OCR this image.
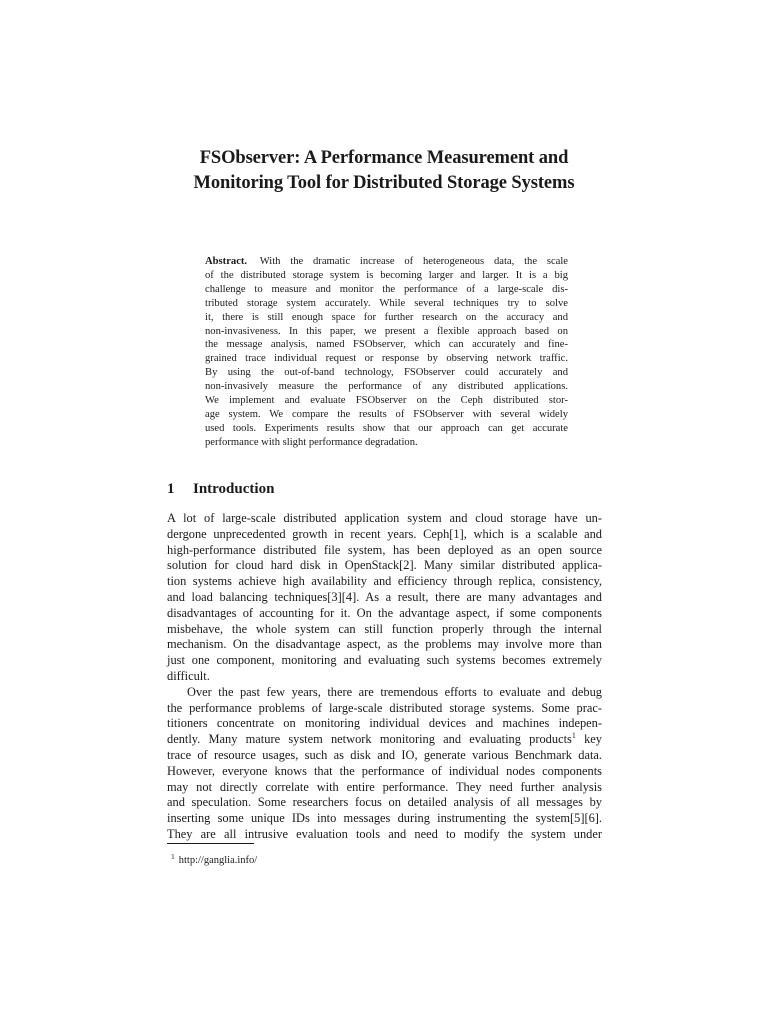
FSObserver: A Performance Measurement and
Monitoring Tool for Distributed Storage Systems
Abstract. With the dramatic increase of heterogeneous data, the scale
of the distributed storage system is becoming larger and larger. It is a big
challenge to measure and monitor the performance of a large-scale dis-
tributed storage system accurately. While several techniques try to solve
it, there is still enough space for further research on the accuracy and
non-invasiveness. In this paper, we present a flexible approach based on
the message analysis, named FSObserver, which can accurately and fine-
grained trace individual request or response by observing network traffic.
By using the out-of-band technology, FSObserver could accurately and
non-invasively measure the performance of any distributed applications.
We implement and evaluate FSObserver on the Ceph distributed stor-
age system. We compare the results of FSObserver with several widely
used tools. Experiments results show that our approach can get accurate
performance with slight performance degradation.
1 Introduction
A lot of large-scale distributed application system and cloud storage have un-
dergone unprecedented growth in recent years. Ceph[1], which is a scalable and
high-performance distributed file system, has been deployed as an open source
solution for cloud hard disk in OpenStack[2]. Many similar distributed applica-
tion systems achieve high availability and efficiency through replica, consistency,
and load balancing techniques[3][4]. As a result, there are many advantages and
disadvantages of accounting for it. On the advantage aspect, if some components
misbehave, the whole system can still function properly through the internal
mechanism. On the disadvantage aspect, as the problems may involve more than
just one component, monitoring and evaluating such systems becomes extremely
difficult.
Over the past few years, there are tremendous efforts to evaluate and debug
the performance problems of large-scale distributed storage systems. Some prac-
titioners concentrate on monitoring individual devices and machines indepen-
dently. Many mature system network monitoring and evaluating products$^1$ key
trace of resource usages, such as disk and IO, generate various Benchmark data.
However, everyone knows that the performance of individual nodes components
may not directly correlate with entire performance. They need further analysis
and speculation. Some researchers focus on detailed analysis of all messages by
inserting some unique IDs into messages during instrumenting the system[5][6].
They are all intrusive evaluation tools and need to modify the system under
$^1$ http://ganglia.info/
